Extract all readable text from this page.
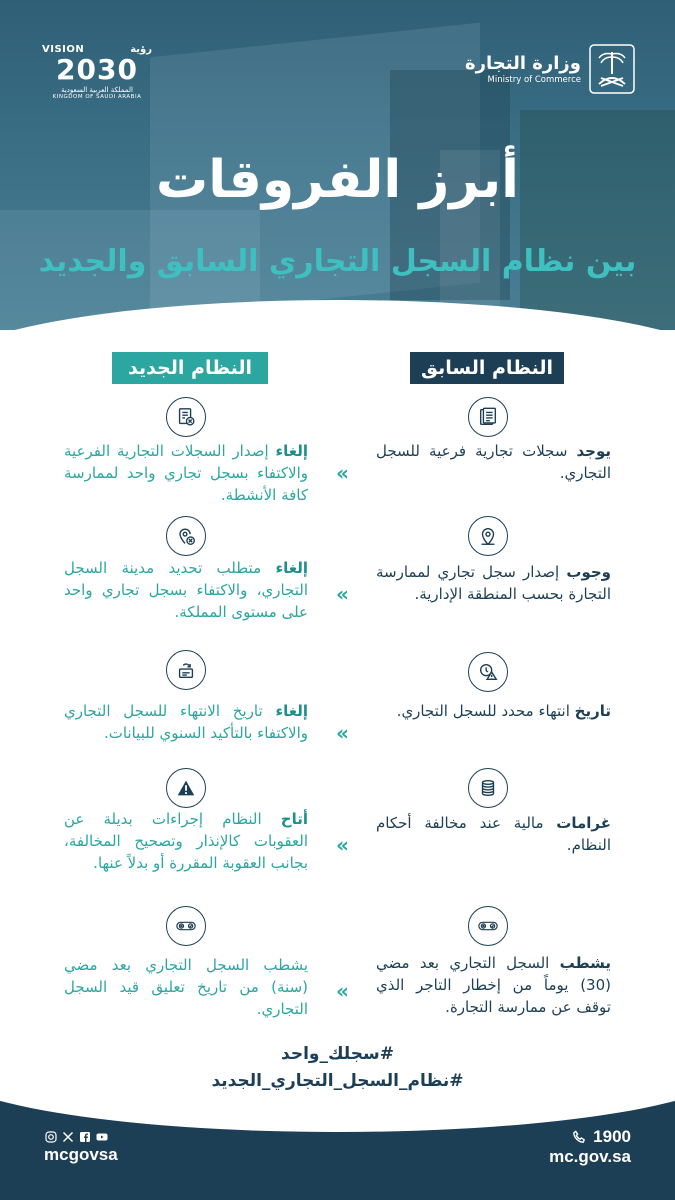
VISION	رؤية
2030
المملكة العربية السعودية
KINGDOM OF SAUDI ARABIA
وزارة التجارة
Ministry of Commerce
أبرز الفروقات
بين نظام السجل التجاري السابق والجديد
النظام السابق
النظام الجديد
يوجد سجلات تجارية فرعية للسجل التجاري.
«
إلغاء إصدار السجلات التجارية الفرعية والاكتفاء بسجل تجاري واحد لممارسة كافة الأنشطة.
وجوب إصدار سجل تجاري لممارسة التجارة بحسب المنطقة الإدارية.
«
إلغاء متطلب تحديد مدينة السجل التجاري، والاكتفاء بسجل تجاري واحد على مستوى المملكة.
تاريخ انتهاء محدد للسجل التجاري.
«
إلغاء تاريخ الانتهاء للسجل التجاري والاكتفاء بالتأكيد السنوي للبيانات.
غرامات مالية عند مخالفة أحكام النظام.
«
أتاح النظام إجراءات بديلة عن العقوبات كالإنذار وتصحيح المخالفة، بجانب العقوبة المقررة أو بدلاً عنها.
يشطب السجل التجاري بعد مضي (30) يوماً من إخطار التاجر الذي توقف عن ممارسة التجارة.
«
يشطب السجل التجاري بعد مضي (سنة) من تاريخ تعليق قيد السجل التجاري.
#سجلك_واحد
#نظام_السجل_التجاري_الجديد
mcgovsa
1900
mc.gov.sa
